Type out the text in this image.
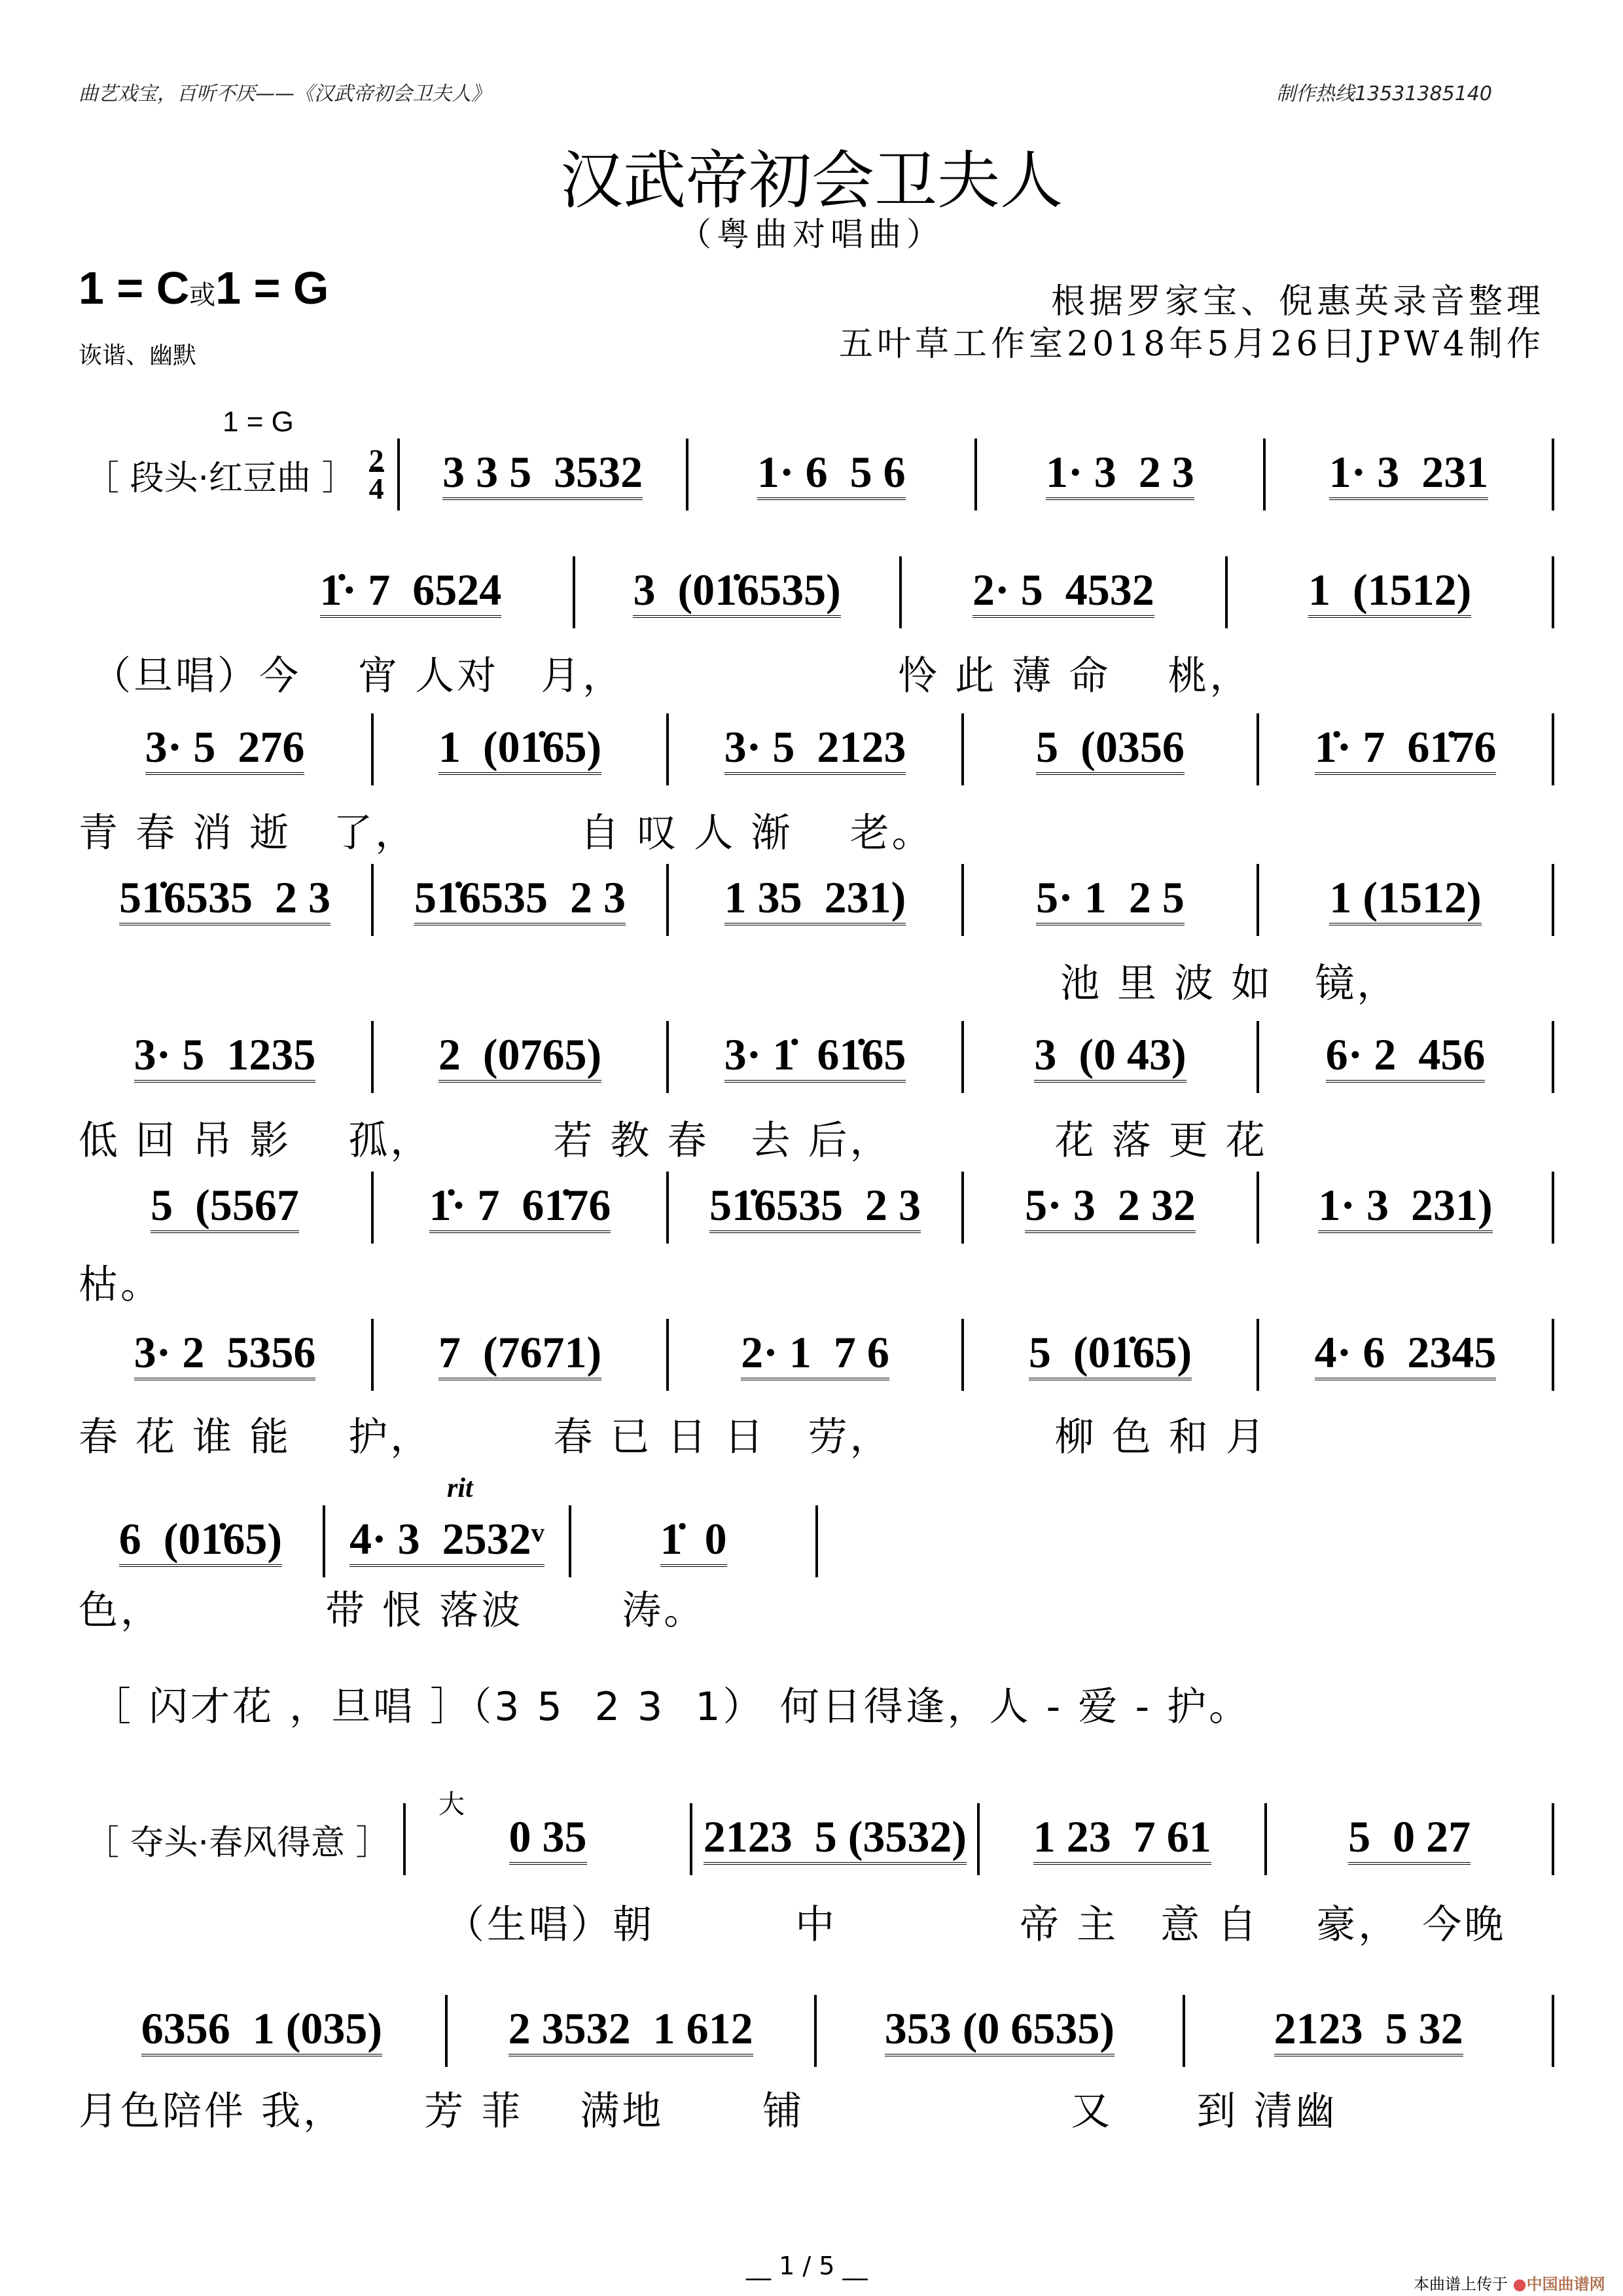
曲艺戏宝，百听不厌——《汉武帝初会卫夫人》	制作热线13531385140
汉武帝初会卫夫人
（粤曲对唱曲）
1 = C或1 = G	根据罗家宝、倪惠英录音整理
五叶草工作室2018年5月26日JPW4制作
诙谐、幽默
1 = G
［ 段头·红豆曲 ］ 2
4 3 3 5  3532	1· 6  5 6	1· 3  2 3	1· 3  231
1̇· 7  6524	3  (01̇6535)	2· 5  4532	1  (1512)
（旦唱）今　 宵 人对　月，　　　　　　　怜 此 薄 命　 桃，
3· 5  276	1  (01̇65)	3· 5  2123	5  (0356	1̇· 7  61̇76
青 春 消 逝　了，　　　　 自 叹 人 渐　 老。
51̇6535  2 3 51̇6535  2 3 1 35  231)	5· 1  2 5	1 (1512)
池 里 波 如　镜，
3· 5  1235	2  (0765)	3· 1̇  61̇65	3  (0 43)	6· 2  456
低 回 吊 影　 孤，　　　 若 教 春　去 后，　　　　 花 落 更 花
5  (5567	1̇· 7  61̇76 51̇6535  2 3 5· 3  2 32	1· 3  231)
枯。
3· 2  5356	7  (7671)	2· 1  7 6	5  (01̇65)	4· 6  2345
春 花 谁 能　 护，　　　 春 已 日 日　劳，　　　　 柳 色 和 月
6  (01̇65) 4· 3  2532ᵛ
rit
1̇  0
色，　　　　 带 恨 落波　　 涛。
（生唱）朝　　　 中　　　　 帝 主　意 自　 豪，　今晚
6356  1 (035)	2 3532  1 612	353 (0 6535)	2123  5 32
月色陪伴 我，　　 芳 菲　 满地　　 铺　　　　　　 又　　到 清幽
［ 闪才花 ，旦唱 ］（3 5  2 3  1） 何日得逢，人 - 爱 - 护。
［ 夺头·春风得意 ］
大
0 35	2123  5 (3532) 1 23  7 61	5  0 27
__ 1 / 5 __
本曲谱上传于 ●中国曲谱网
